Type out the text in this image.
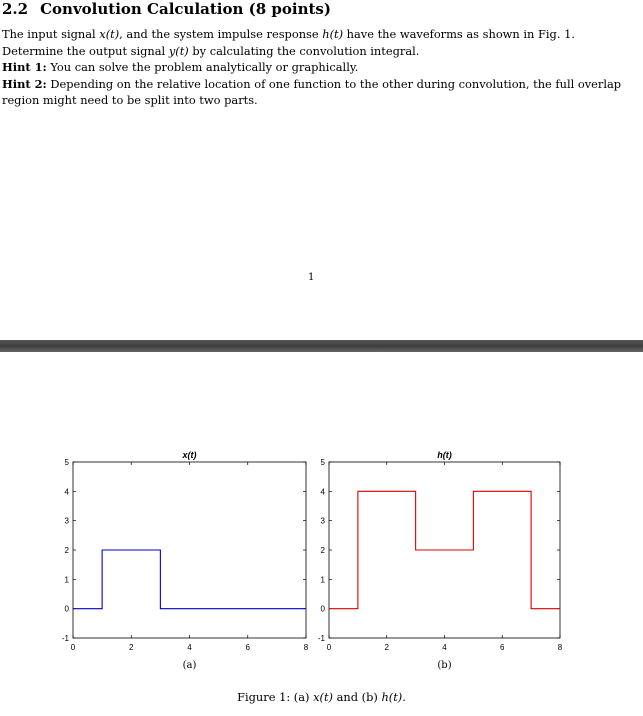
2.2 Convolution Calculation (8 points)

The input signal x(t), and the system impulse response h(t) have the waveforms as shown in Fig. 1.

Determine the output signal y(t) by calculating the convolution integral.

Hint 1: You can solve the problem analytically or graphically.

Hint 2: Depending on the relative location of one function to the other during convolution, the full overlap region might need to be split into two parts.

1
0	2	4	6	8
-1
0
1
2
3
4
5
x(t)
(a)
0	2	4	6	8
-1
0
1
2
3
4
5
h(t)
(b)
Figure 1: (a) x(t) and (b) h(t).
